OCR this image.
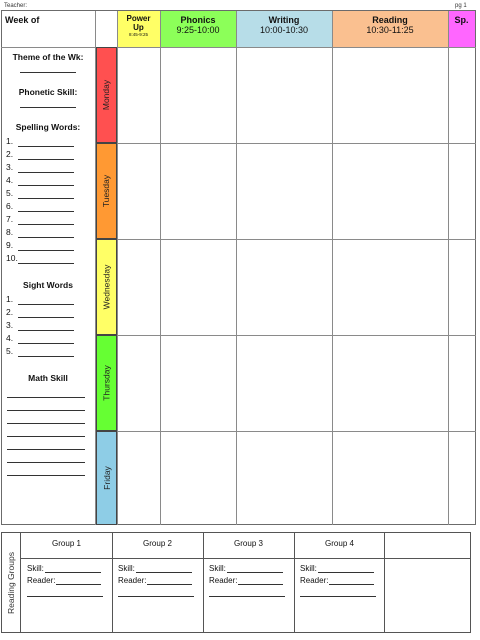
Teacher:	pg 1
Power Up
8:45-9:25
Phonics
9:25-10:00
Writing
10:00-10:30
Reading
10:30-11:25
Sp.
Week of
Monday
Tuesday
Wednesday
Thursday
Friday
Theme of the Wk:
Phonetic Skill:
Spelling Words:
1.
2.
3.
4.
5.
6.
7.
8.
9.
10.
Sight Words
1.
2.
3.
4.
5.
Math Skill
Reading Groups
Group 1
Skill:
Reader:
Group 2
Skill:
Reader:
Group 3
Skill:
Reader:
Group 4
Skill:
Reader:
